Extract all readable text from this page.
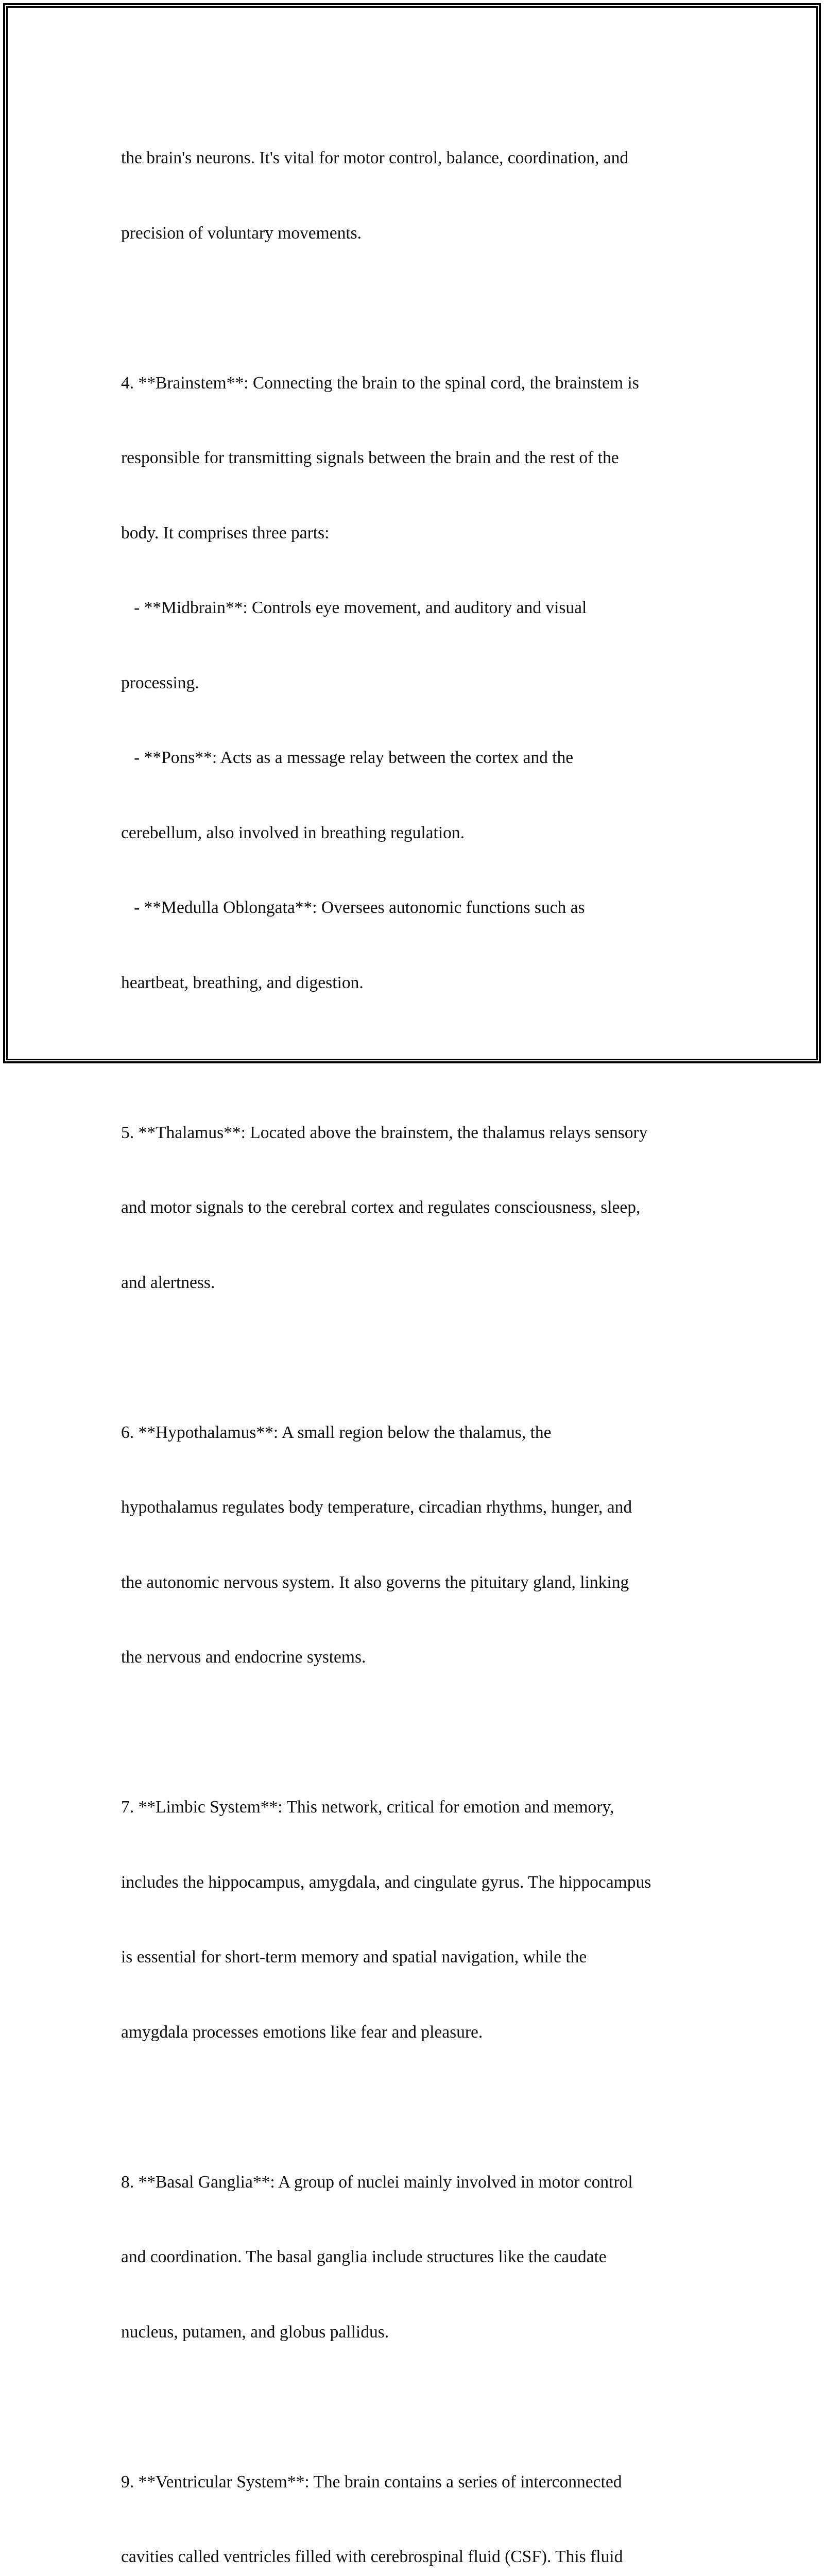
the brain's neurons. It's vital for motor control, balance, coordination, and

precision of voluntary movements.

4. **Brainstem**: Connecting the brain to the spinal cord, the brainstem is

responsible for transmitting signals between the brain and the rest of the

body. It comprises three parts:

- **Midbrain**: Controls eye movement, and auditory and visual

processing.

- **Pons**: Acts as a message relay between the cortex and the

cerebellum, also involved in breathing regulation.

- **Medulla Oblongata**: Oversees autonomic functions such as

heartbeat, breathing, and digestion.

5. **Thalamus**: Located above the brainstem, the thalamus relays sensory

and motor signals to the cerebral cortex and regulates consciousness, sleep,

and alertness.

6. **Hypothalamus**: A small region below the thalamus, the

hypothalamus regulates body temperature, circadian rhythms, hunger, and

the autonomic nervous system. It also governs the pituitary gland, linking

the nervous and endocrine systems.

7. **Limbic System**: This network, critical for emotion and memory,

includes the hippocampus, amygdala, and cingulate gyrus. The hippocampus

is essential for short-term memory and spatial navigation, while the

amygdala processes emotions like fear and pleasure.

8. **Basal Ganglia**: A group of nuclei mainly involved in motor control

and coordination. The basal ganglia include structures like the caudate

nucleus, putamen, and globus pallidus.

9. **Ventricular System**: The brain contains a series of interconnected

cavities called ventricles filled with cerebrospinal fluid (CSF). This fluid
